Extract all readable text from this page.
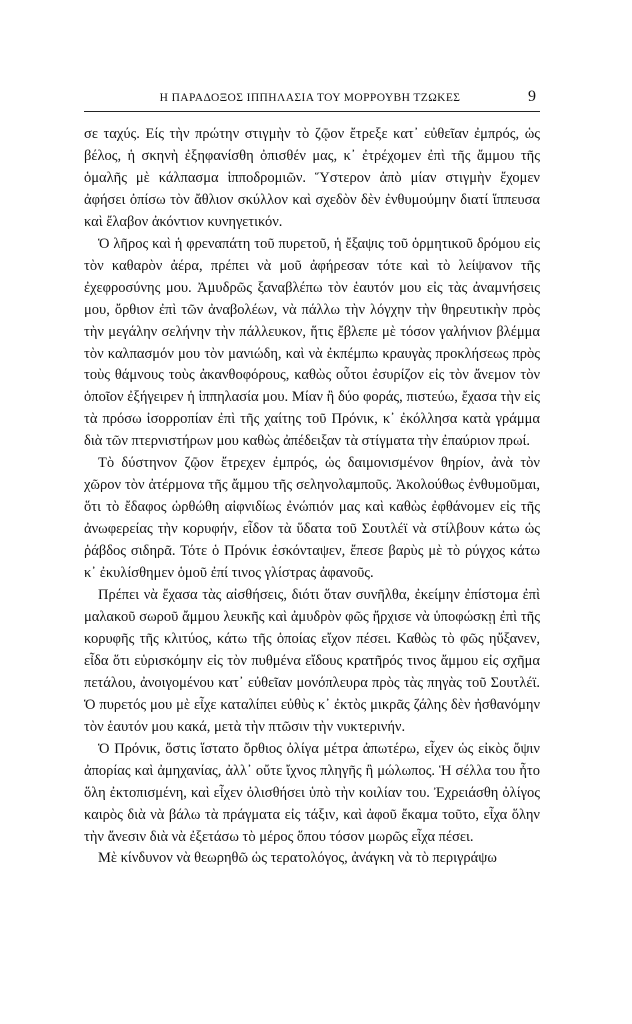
Η ΠΑΡΑΔΟΞΟΣ ΙΠΠΗΛΑΣΙΑ ΤΟΥ ΜΟΡΡΟΥΒΗ ΤΖΩΚΕΣ	9

σε ταχύς. Είς τὴν πρώτην στιγμὴν τὸ ζῷον ἔτρεξε κατ᾽ εὐθεῖαν ἐμπρός, ὡς βέλος, ἡ σκηνὴ ἐξηφανίσθη ὀπισθέν μας, κ᾽ ἐτρέχομεν ἐπὶ τῆς ἄμμου τῆς ὁμαλῆς μὲ κάλπασμα ἱπποδρομιῶν. Ὕστερον ἀπὸ μίαν στιγμὴν ἔχομεν ἀφήσει ὀπίσω τὸν ἄθλιον σκύλλον καὶ σχεδὸν δὲν ἐνθυμούμην διατί ἵππευσα καὶ ἔλαβον ἀκόντιον κυνηγετικόν.

Ὁ λῆρος καὶ ἡ φρεναπάτη τοῦ πυρετοῦ, ἡ ἔξαψις τοῦ ὁρμητικοῦ δρόμου εἰς τὸν καθαρὸν ἀέρα, πρέπει νὰ μοῦ ἀφήρεσαν τότε καὶ τὸ λείψανον τῆς ἐχεφροσύνης μου. Ἀμυδρῶς ξαναβλέπω τὸν ἑαυτόν μου εἰς τὰς ἀναμνήσεις μου, ὄρθιον ἐπὶ τῶν ἀναβολέων, νὰ πάλλω τὴν λόγχην τὴν θηρευτικὴν πρὸς τὴν μεγάλην σελήνην τὴν πάλλευκον, ἥτις ἔβλεπε μὲ τόσον γαλήνιον βλέμμα τὸν καλπασμόν μου τὸν μανιώδη, καὶ νὰ ἐκπέμπω κραυγὰς προκλήσεως πρὸς τοὺς θάμνους τοὺς ἀκανθοφόρους, καθὼς οὗτοι ἐσυρίζον εἰς τὸν ἄνεμον τὸν ὁποῖον ἐξήγειρεν ἡ ἱππηλασία μου. Μίαν ἢ δύο φοράς, πιστεύω, ἔχασα τὴν εἰς τὰ πρόσω ἰσορροπίαν ἐπὶ τῆς χαίτης τοῦ Πρόνικ, κ᾽ ἐκόλλησα κατὰ γράμμα διὰ τῶν πτερνιστήρων μου καθὼς ἀπέδειξαν τὰ στίγματα τὴν ἐπαύριον πρωί.

Τὸ δύστηνον ζῷον ἔτρεχεν ἐμπρός, ὡς δαιμονισμένον θηρίον, ἀνὰ τὸν χῶρον τὸν ἀτέρμονα τῆς ἄμμου τῆς σεληνολαμποῦς. Ἀκολούθως ἐνθυμοῦμαι, ὅτι τὸ ἔδαφος ὡρθώθη αἰφνιδίως ἐνώπιόν μας καὶ καθὼς ἐφθάνομεν εἰς τῆς ἀνωφερείας τὴν κορυφήν, εἶδον τὰ ὕδατα τοῦ Σουτλέϊ νὰ στίλβουν κάτω ὡς ῥάβδος σιδηρᾶ. Τότε ὁ Πρόνικ ἐσκόνταψεν, ἔπεσε βαρὺς μὲ τὸ ρύγχος κάτω κ᾽ ἐκυλίσθημεν ὁμοῦ ἐπί τινος γλίστρας ἀφανοῦς.

Πρέπει νὰ ἔχασα τὰς αἰσθήσεις, διότι ὅταν συνῆλθα, ἐκείμην ἐπίστομα ἐπὶ μαλακοῦ σωροῦ ἄμμου λευκῆς καὶ ἀμυδρὸν φῶς ἤρχισε νὰ ὑποφώσκῃ ἐπὶ τῆς κορυφῆς τῆς κλιτύος, κάτω τῆς ὁποίας εἴχον πέσει. Καθὼς τὸ φῶς ηὔξανεν, εἶδα ὅτι εὑρισκόμην εἰς τὸν πυθμένα εἴδους κρατῆρός τινος ἄμμου εἰς σχῆμα πετάλου, ἀνοιγομένου κατ᾽ εὐθεῖαν μονόπλευρα πρὸς τὰς πηγὰς τοῦ Σουτλέϊ. Ὁ πυρετός μου μὲ εἶχε καταλίπει εὐθὺς κ᾽ ἐκτὸς μικρᾶς ζάλης δὲν ἠσθανόμην τὸν ἑαυτόν μου κακά, μετὰ τὴν πτῶσιν τὴν νυκτερινήν.

Ὁ Πρόνικ, ὅστις ἵστατο ὄρθιος ὀλίγα μέτρα ἀπωτέρω, εἶχεν ὡς εἰκὸς ὄψιν ἀπορίας καὶ ἀμηχανίας, ἀλλ᾽ οὔτε ἴχνος πληγῆς ἢ μώλωπος. Ἡ σέλλα του ἦτο ὅλη ἐκτοπισμένη, καὶ εἶχεν ὀλισθήσει ὑπὸ τὴν κοιλίαν του. Ἐχρειάσθη ὀλίγος καιρὸς διὰ νὰ βάλω τὰ πράγματα εἰς τάξιν, καὶ ἀφοῦ ἔκαμα τοῦτο, εἶχα ὅλην τὴν ἄνεσιν διὰ νὰ ἐξετάσω τὸ μέρος ὅπου τόσον μωρῶς εἶχα πέσει.

Μὲ κίνδυνον νὰ θεωρηθῶ ὡς τερατολόγος, ἀνάγκη νὰ τὸ περιγράψω
